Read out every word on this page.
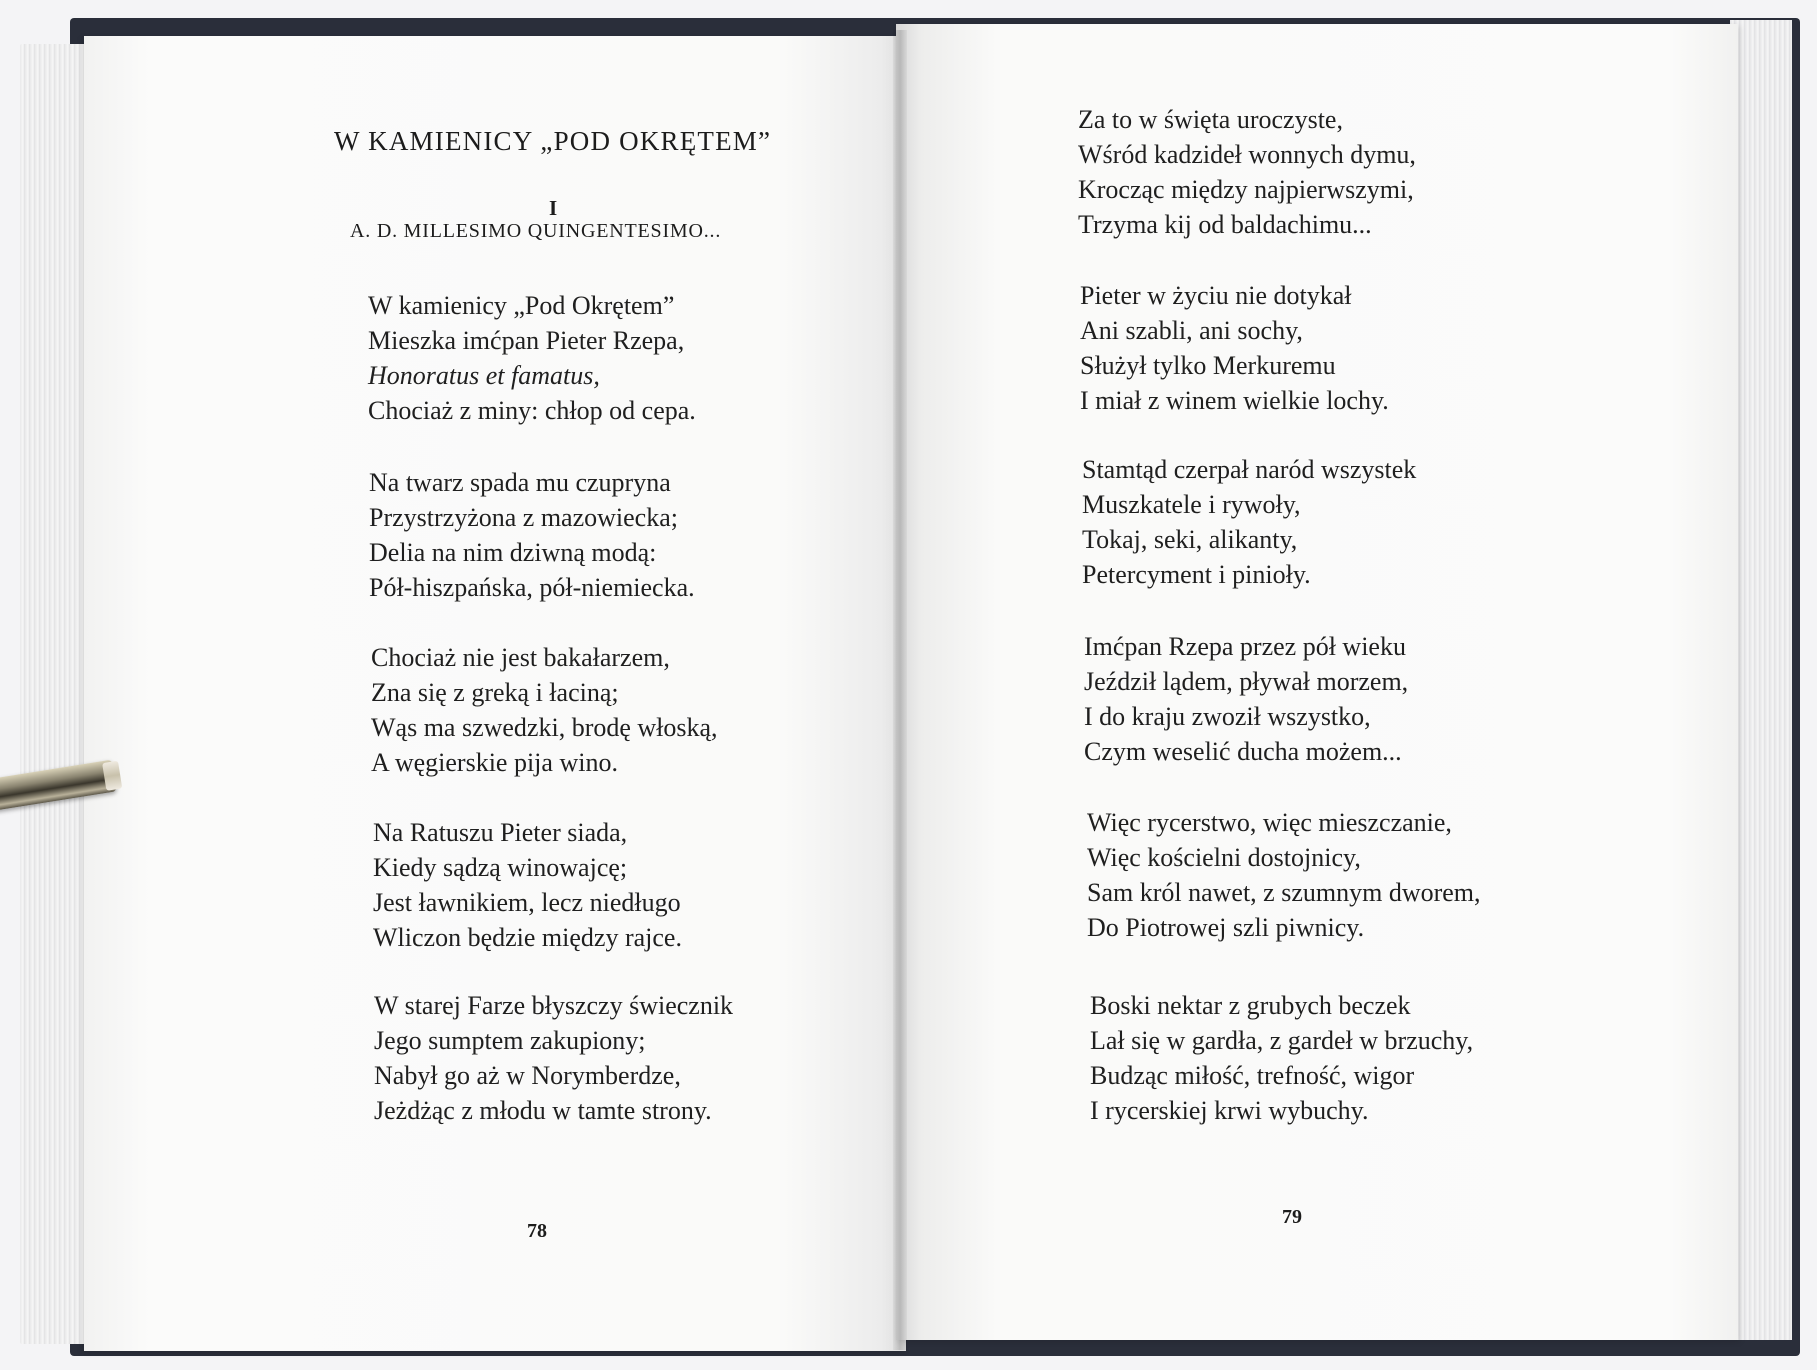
W KAMIENICY „POD OKRĘTEM”
I
A. D. MILLESIMO QUINGENTESIMO...
W kamienicy „Pod Okrętem”
Mieszka imćpan Pieter Rzepa,
Honoratus et famatus,
Chociaż z miny: chłop od cepa.
Na twarz spada mu czupryna
Przystrzyżona z mazowiecka;
Delia na nim dziwną modą:
Pół-hiszpańska, pół-niemiecka.
Chociaż nie jest bakałarzem,
Zna się z greką i łaciną;
Wąs ma szwedzki, brodę włoską,
A węgierskie pija wino.
Na Ratuszu Pieter siada,
Kiedy sądzą winowajcę;
Jest ławnikiem, lecz niedługo
Wliczon będzie między rajce.
W starej Farze błyszczy świecznik
Jego sumptem zakupiony;
Nabył go aż w Norymberdze,
Jeżdżąc z młodu w tamte strony.
78
Za to w święta uroczyste,
Wśród kadzideł wonnych dymu,
Krocząc między najpierwszymi,
Trzyma kij od baldachimu...
Pieter w życiu nie dotykał
Ani szabli, ani sochy,
Służył tylko Merkuremu
I miał z winem wielkie lochy.
Stamtąd czerpał naród wszystek
Muszkatele i rywoły,
Tokaj, seki, alikanty,
Petercyment i pinioły.
Imćpan Rzepa przez pół wieku
Jeździł lądem, pływał morzem,
I do kraju zwoził wszystko,
Czym weselić ducha możem...
Więc rycerstwo, więc mieszczanie,
Więc kościelni dostojnicy,
Sam król nawet, z szumnym dworem,
Do Piotrowej szli piwnicy.
Boski nektar z grubych beczek
Lał się w gardła, z gardeł w brzuchy,
Budząc miłość, trefność, wigor
I rycerskiej krwi wybuchy.
79
